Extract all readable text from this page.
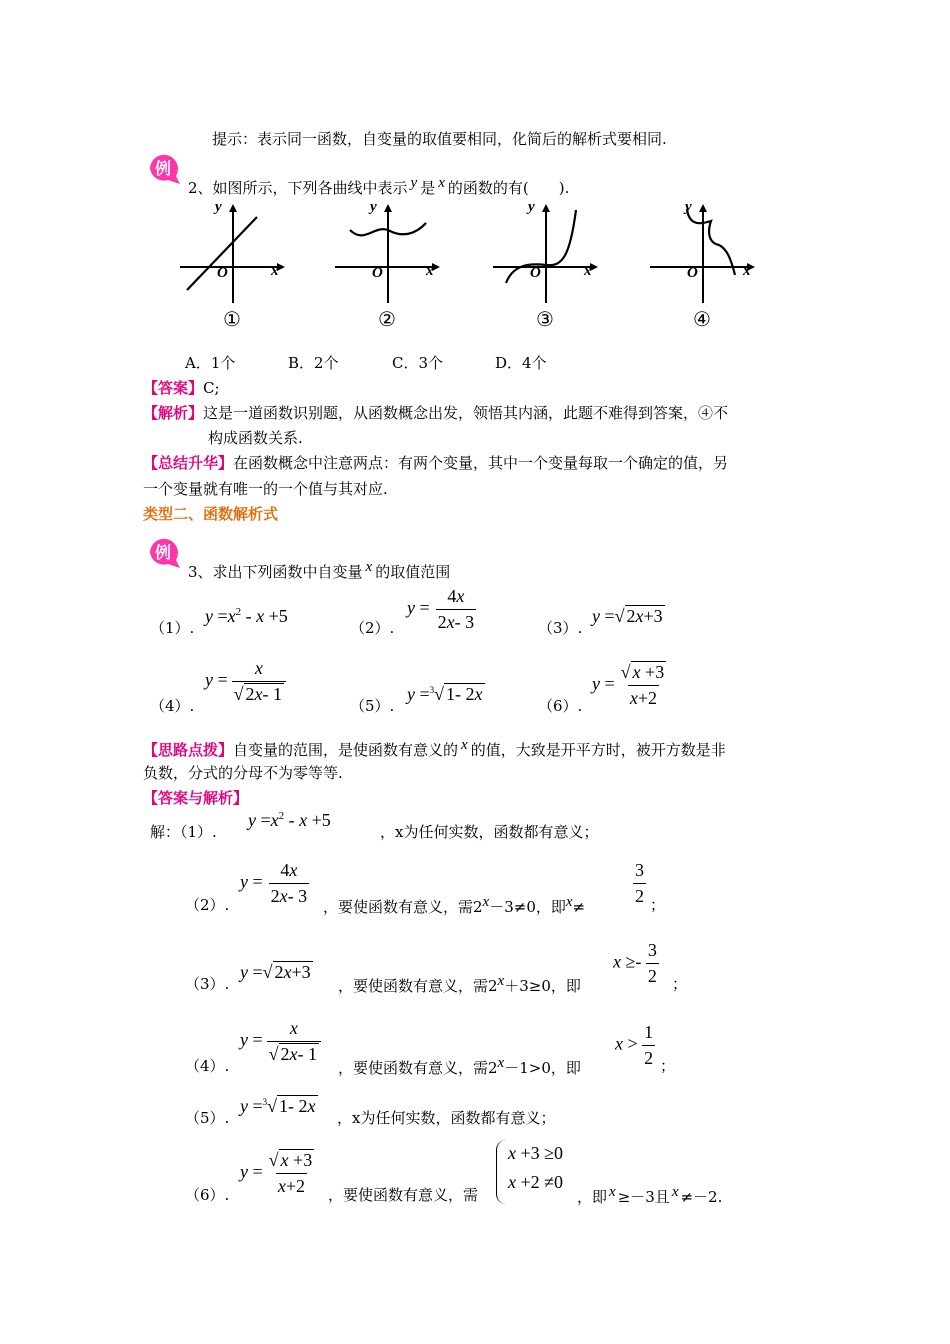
提示：表示同一函数，自变量的取值要相同，化简后的解析式要相同.
例
2、如图所示，下列各曲线中表示 y 是 x 的函数的有(　　).
y
x
O
①
y
x
O
②
y
x
O
③
y
x
O
④
A．1个	B．2个	C．3个	D．4个
【答案】C;
【解析】这是一道函数识别题，从函数概念出发，领悟其内涵，此题不难得到答案，④不
构成函数关系.
【总结升华】在函数概念中注意两点：有两个变量，其中一个变量每取一个确定的值，另
一个变量就有唯一的一个值与其对应.
类型二、函数解析式
例
3、求出下列函数中自变量 x 的取值范围
（1）.
$y =x^2 - x +5$
（2）.
$y = \frac{4x}{2x- 3}$	（3）.
y =√ 2x+3
（4）.
$y = \frac{x}{√ 2x- 1}$
（5）.
y =$^3$√ 1- 2x
（6）.
$y = \frac{√ x +3}{x+2}$
【思路点拨】自变量的范围，是使函数有意义的 x 的值，大致是开平方时，被开方数是非
负数，分式的分母不为零等等.
【答案与解析】
解：（1）.
$y =x^2 - x +5$
，x为任何实数，函数都有意义；
（2）.
$y = \frac{4x}{2x- 3}$ ，要使函数有意义，需2x－3≠0，即x≠	$\frac{3}{2}$ ；
（3）.
y =√ 2x+3
，要使函数有意义，需2x＋3≥0，即
$x \ge- \frac{3}{2}$ ；
（4）.
$y = \frac{x}{√ 2x- 1}$
，要使函数有意义，需2x－1>0，即
$x > \frac{1}{2}$ ；
（5）.
y =$^3$√ 1- 2x
，x为任何实数，函数都有意义；
（6）.
$y = \frac{√ x +3}{x+2}$ ，要使函数有意义，需
x +3 ≥0
x +2 ≠0
，即 x ≥－3且 x ≠－2.
